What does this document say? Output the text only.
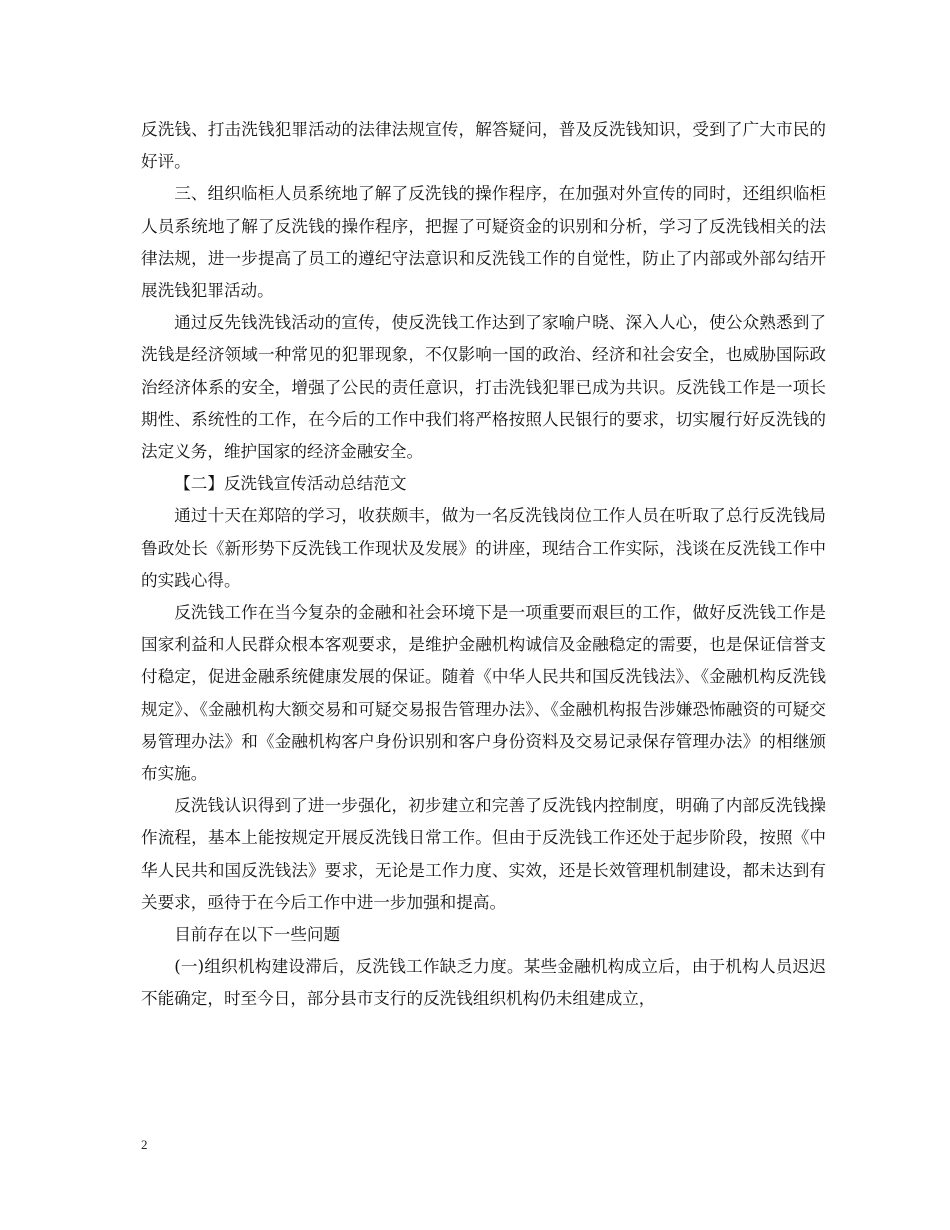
反洗钱、打击洗钱犯罪活动的法律法规宣传，解答疑问，普及反洗钱知识，受到了广大市民的好评。

三、组织临柜人员系统地了解了反洗钱的操作程序，在加强对外宣传的同时，还组织临柜人员系统地了解了反洗钱的操作程序，把握了可疑资金的识别和分析，学习了反洗钱相关的法律法规，进一步提高了员工的遵纪守法意识和反洗钱工作的自觉性，防止了内部或外部勾结开展洗钱犯罪活动。

通过反先钱洗钱活动的宣传，使反洗钱工作达到了家喻户晓、深入人心，使公众熟悉到了洗钱是经济领域一种常见的犯罪现象，不仅影响一国的政治、经济和社会安全，也威胁国际政治经济体系的安全，增强了公民的责任意识，打击洗钱犯罪已成为共识。反洗钱工作是一项长期性、系统性的工作，在今后的工作中我们将严格按照人民银行的要求，切实履行好反洗钱的法定义务，维护国家的经济金融安全。

【二】反洗钱宣传活动总结范文

通过十天在郑陪的学习，收获颇丰，做为一名反洗钱岗位工作人员在听取了总行反洗钱局鲁政处长《新形势下反洗钱工作现状及发展》的讲座，现结合工作实际，浅谈在反洗钱工作中的实践心得。

反洗钱工作在当今复杂的金融和社会环境下是一项重要而艰巨的工作，做好反洗钱工作是国家利益和人民群众根本客观要求，是维护金融机构诚信及金融稳定的需要，也是保证信誉支付稳定，促进金融系统健康发展的保证。随着《中华人民共和国反洗钱法》、《金融机构反洗钱规定》、《金融机构大额交易和可疑交易报告管理办法》、《金融机构报告涉嫌恐怖融资的可疑交易管理办法》和《金融机构客户身份识别和客户身份资料及交易记录保存管理办法》的相继颁布实施。

反洗钱认识得到了进一步强化，初步建立和完善了反洗钱内控制度，明确了内部反洗钱操作流程，基本上能按规定开展反洗钱日常工作。但由于反洗钱工作还处于起步阶段，按照《中华人民共和国反洗钱法》要求，无论是工作力度、实效，还是长效管理机制建设，都未达到有关要求，亟待于在今后工作中进一步加强和提高。

目前存在以下一些问题

(一)组织机构建设滞后，反洗钱工作缺乏力度。某些金融机构成立后，由于机构人员迟迟不能确定，时至今日，部分县市支行的反洗钱组织机构仍未组建成立，

2
